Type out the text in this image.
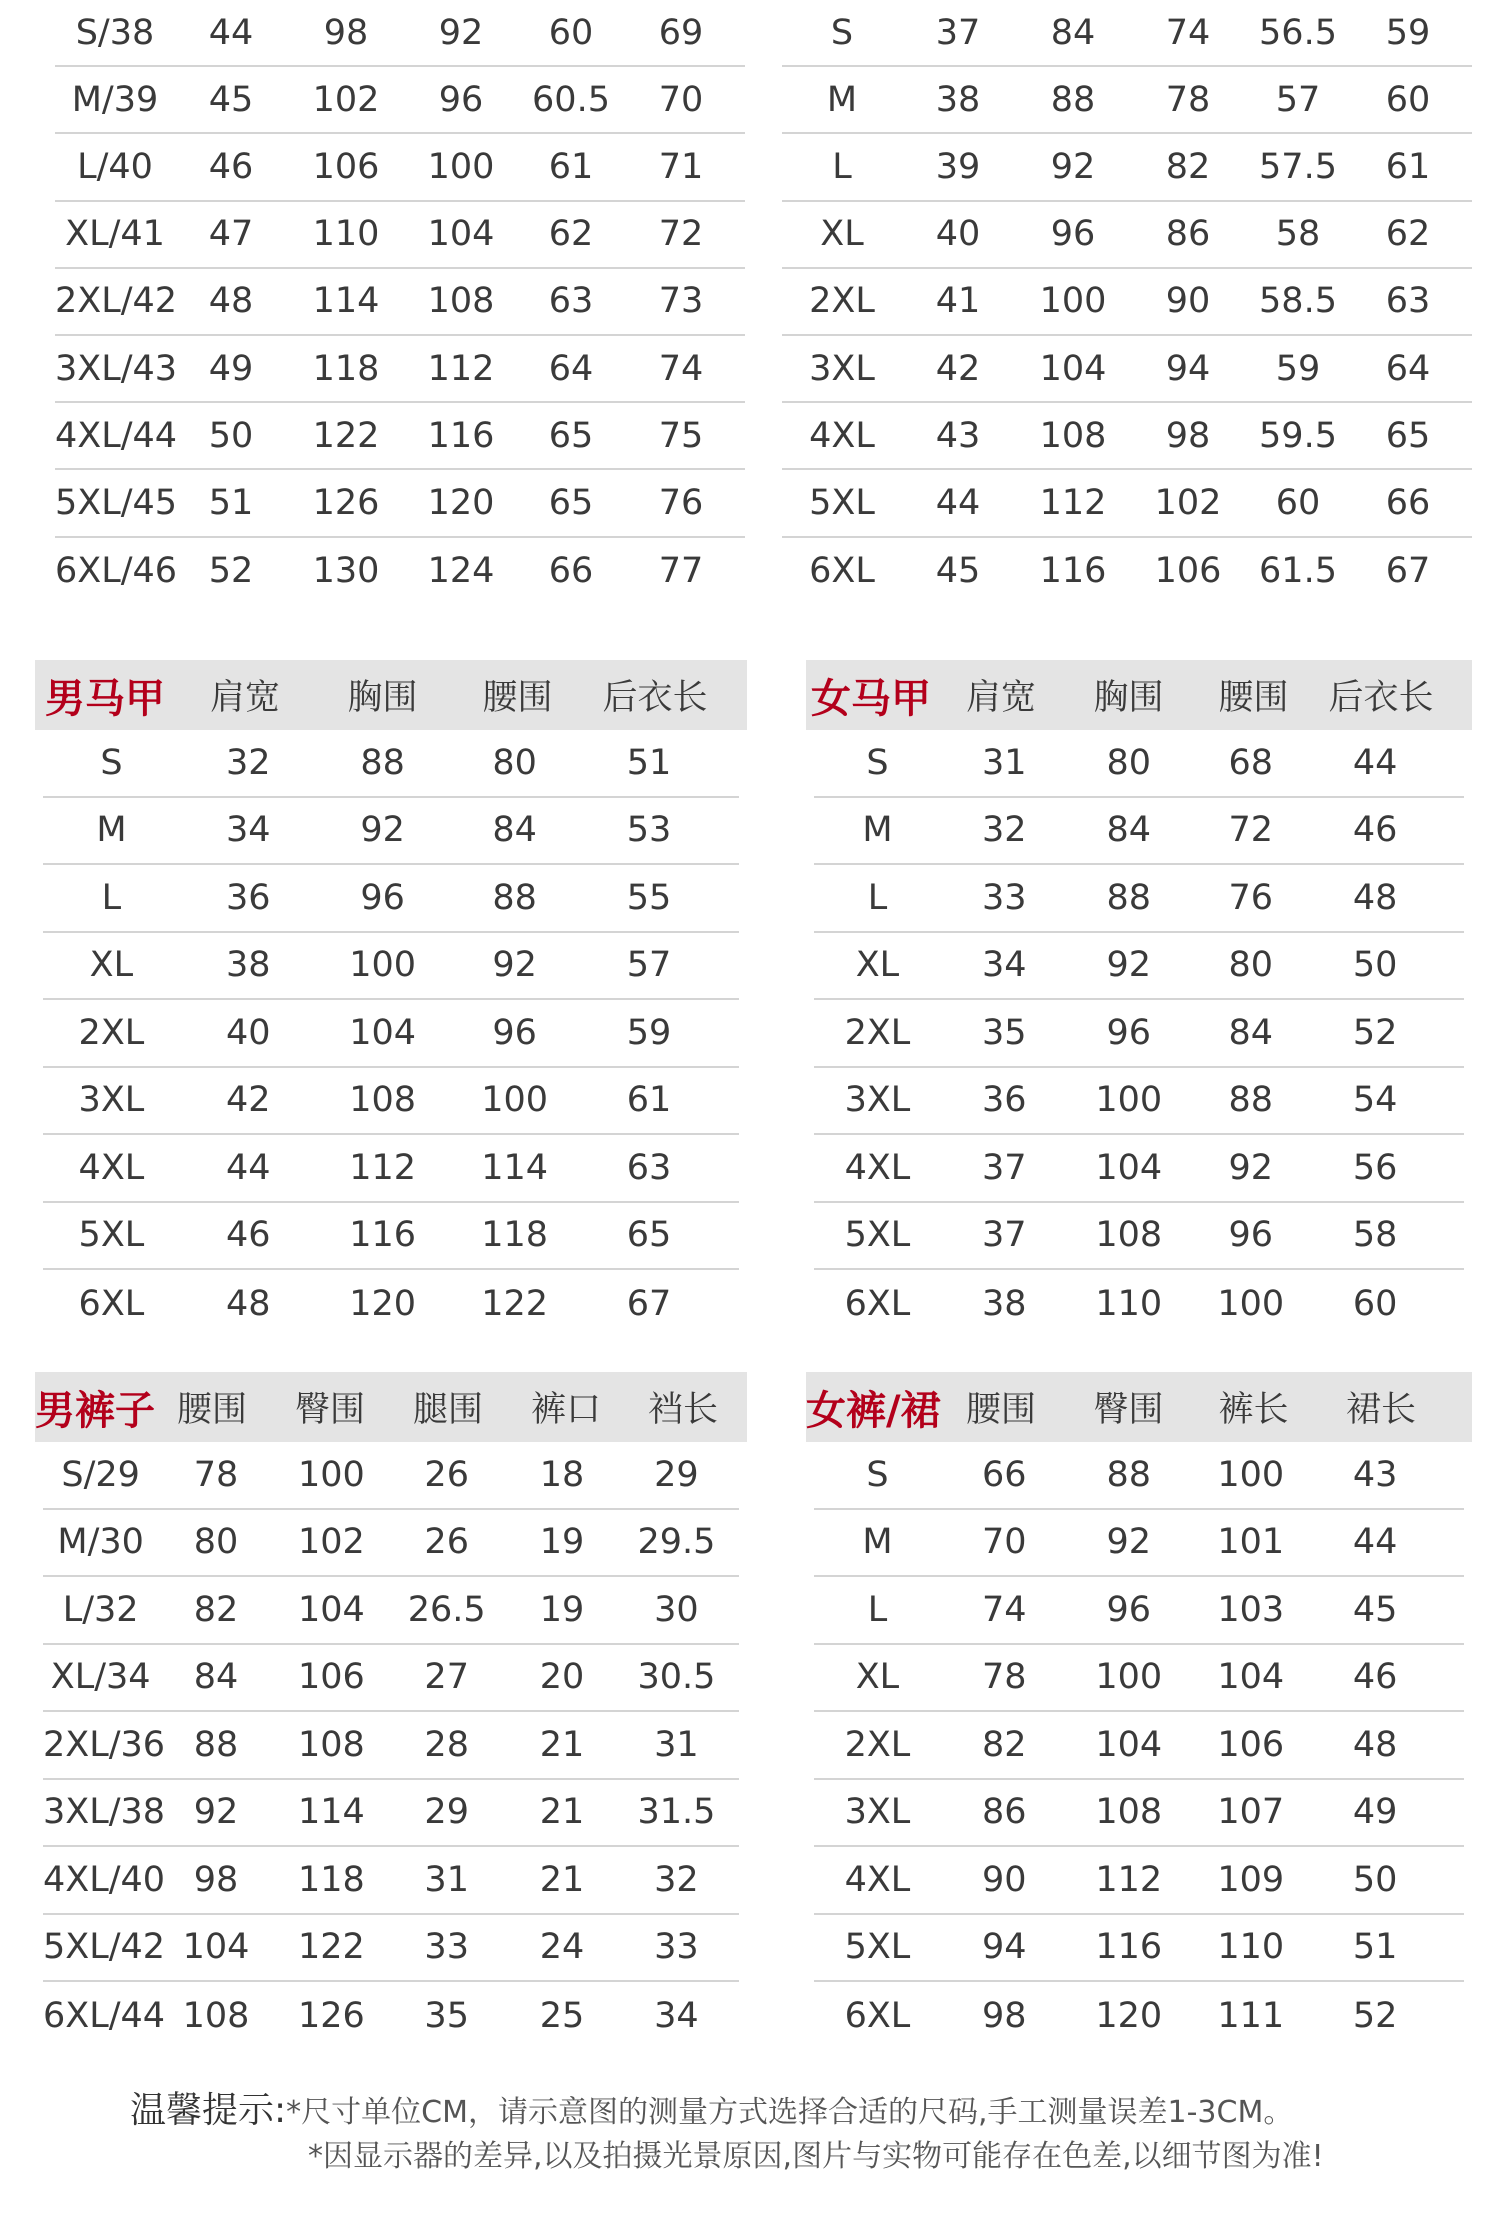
S/38	44	98	92	60	69
M/39	45	102	96	60.5	70
L/40	46	106	100	61	71
XL/41	47	110	104	62	72
2XL/42 48	114	108	63	73
3XL/43 49	118	112	64	74
4XL/44 50	122	116	65	75
5XL/45 51	126	120	65	76
6XL/46 52	130	124	66	77
S	37	84	74	56.5	59
M	38	88	78	57	60
L	39	92	82	57.5	61
XL	40	96	86	58	62
2XL	41	100	90	58.5	63
3XL	42	104	94	59	64
4XL	43	108	98	59.5	65
5XL	44	112	102	60	66
6XL	45	116	106	61.5	67
男马甲	肩宽	胸围	腰围	后衣长
S	32	88	80	51
M	34	92	84	53
L	36	96	88	55
XL	38	100	92	57
2XL	40	104	96	59
3XL	42	108	100	61
4XL	44	112	114	63
5XL	46	116	118	65
6XL	48	120	122	67
女马甲 肩宽	胸围	腰围	后衣长
S	31	80	68	44
M	32	84	72	46
L	33	88	76	48
XL	34	92	80	50
2XL	35	96	84	52
3XL	36	100	88	54
4XL	37	104	92	56
5XL	37	108	96	58
6XL	38	110	100	60
男裤子 腰围	臀围	腿围	裤口	裆长
S/29	78	100	26	18	29
M/30	80	102	26	19	29.5
L/32	82	104	26.5	19	30
XL/34	84	106	27	20	30.5
2XL/36 88	108	28	21	31
3XL/38 92	114	29	21	31.5
4XL/40 98	118	31	21	32
5XL/42 104	122	33	24	33
6XL/44 108	126	35	25	34
女裤/裙 腰围	臀围	裤长	裙长
S	66	88	100	43
M	70	92	101	44
L	74	96	103	45
XL	78	100	104	46
2XL	82	104	106	48
3XL	86	108	107	49
4XL	90	112	109	50
5XL	94	116	110	51
6XL	98	120	111	52
温馨提示:*尺寸单位CM，请示意图的测量方式选择合适的尺码,手工测量误差1-3CM。
*因显示器的差异,以及拍摄光景原因,图片与实物可能存在色差,以细节图为准!
